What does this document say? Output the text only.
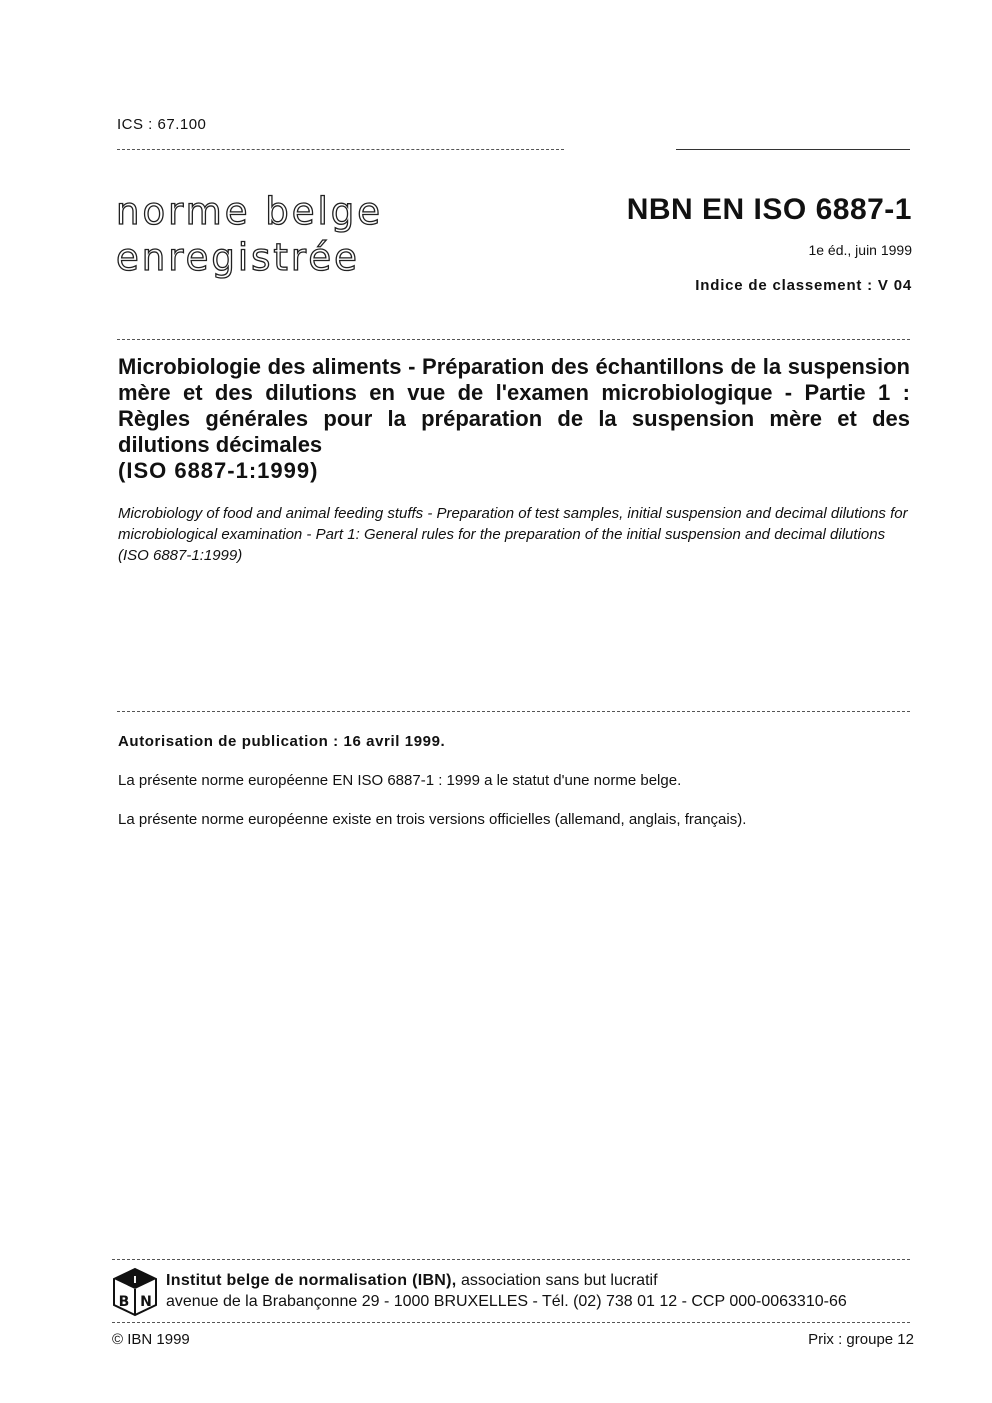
ICS : 67.100
norme belge
enregistrée
NBN EN ISO 6887-1
1e éd., juin 1999
Indice de classement : V 04
Microbiologie des aliments - Préparation des échantillons de la suspension mère et des dilutions en vue de l'examen microbiologique - Partie 1 : Règles générales pour la préparation de la suspension mère et des dilutions décimales
(ISO 6887-1:1999)
Microbiology of food and animal feeding stuffs - Preparation of test samples, initial suspension and decimal dilutions for microbiological examination - Part 1: General rules for the preparation of the initial suspension and decimal dilutions (ISO 6887-1:1999)
Autorisation de publication : 16 avril 1999.
La présente norme européenne EN ISO 6887-1 : 1999 a le statut d'une norme belge.
La présente norme européenne existe en trois versions officielles (allemand, anglais, français).
I
B N
Institut belge de normalisation (IBN), association sans but lucratif
avenue de la Brabançonne 29 - 1000 BRUXELLES - Tél. (02) 738 01 12 - CCP 000-0063310-66
© IBN 1999	Prix : groupe 12
